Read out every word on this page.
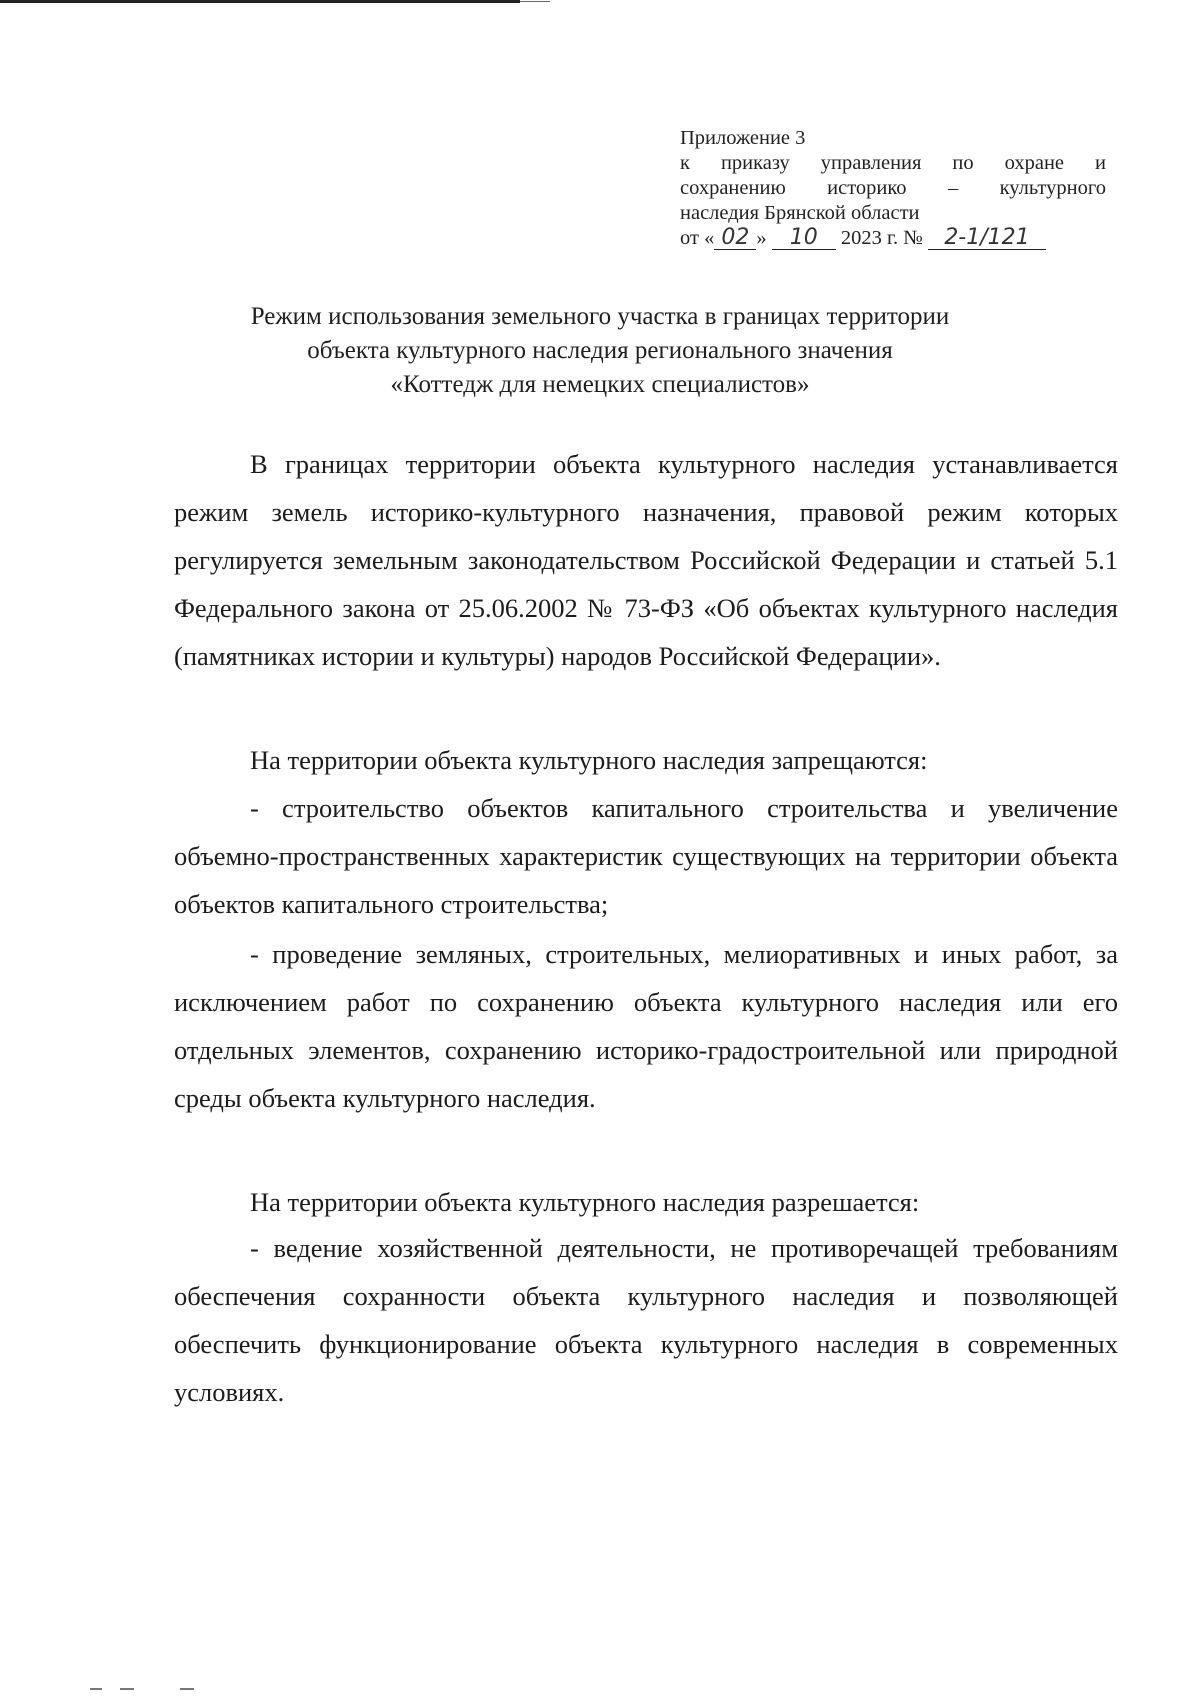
Приложение 3
к приказу управления по охране и
сохранению историко – культурного
наследия Брянской области
от « 02 » 10 2023 г. № 2-1/121
Режим использования земельного участка в границах территории
объекта культурного наследия регионального значения
«Коттедж для немецких специалистов»

В границах территории объекта культурного наследия устанавливается режим земель историко-культурного назначения, правовой режим которых регулируется земельным законодательством Российской Федерации и статьей 5.1 Федерального закона от 25.06.2002 № 73-ФЗ «Об объектах культурного наследия (памятниках истории и культуры) народов Российской Федерации».

На территории объекта культурного наследия запрещаются:

- строительство объектов капитального строительства и увеличение объемно-пространственных характеристик существующих на территории объекта объектов капитального строительства;

- проведение земляных, строительных, мелиоративных и иных работ, за исключением работ по сохранению объекта культурного наследия или его отдельных элементов, сохранению историко-градостроительной или природной среды объекта культурного наследия.

На территории объекта культурного наследия разрешается:

- ведение хозяйственной деятельности, не противоречащей требованиям обеспечения сохранности объекта культурного наследия и позволяющей обеспечить функционирование объекта культурного наследия в современных условиях.
